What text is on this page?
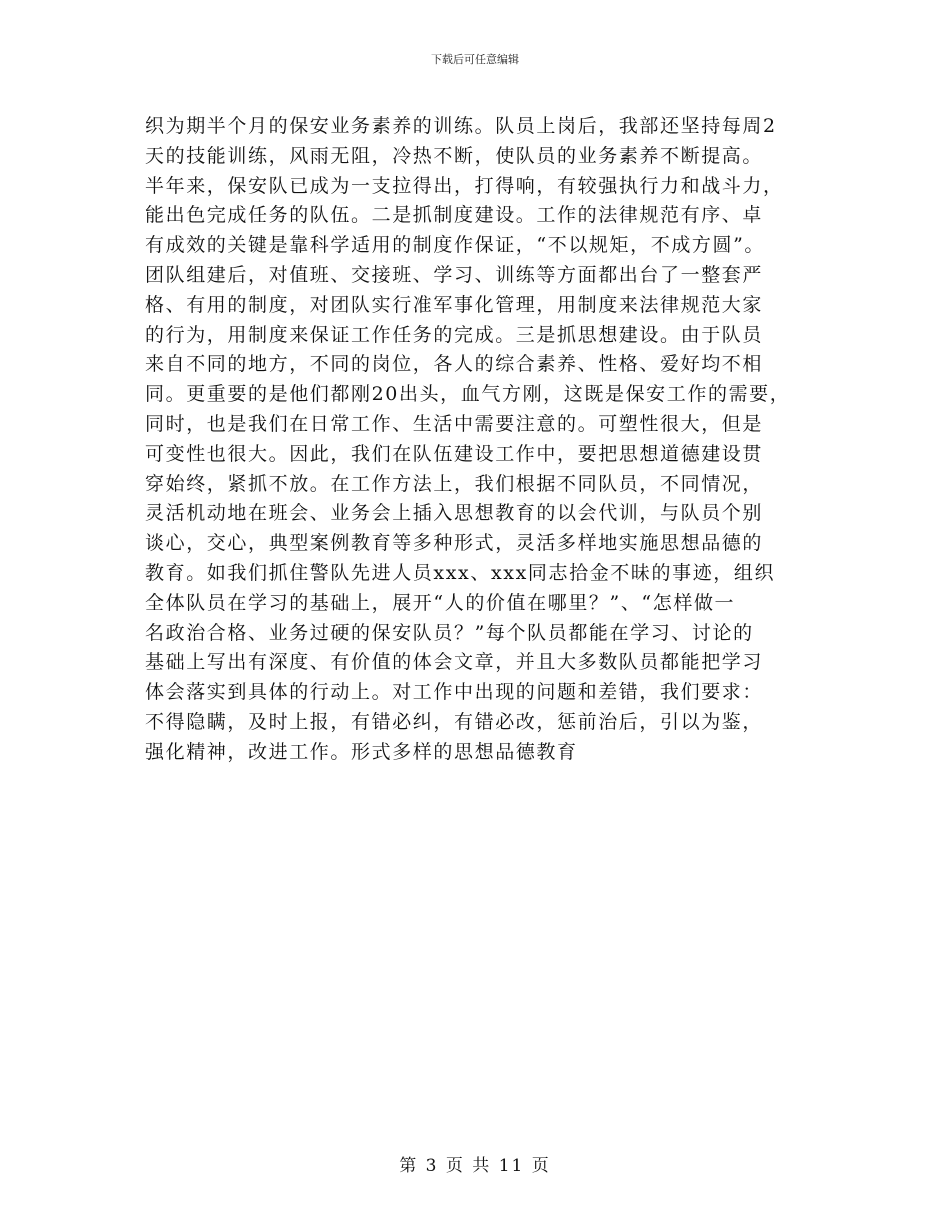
下载后可任意编辑
织为期半个月的保安业务素养的训练。队员上岗后，我部还坚持每周2
天的技能训练，风雨无阻，冷热不断，使队员的业务素养不断提高。
半年来，保安队已成为一支拉得出，打得响，有较强执行力和战斗力，
能出色完成任务的队伍。二是抓制度建设。工作的法律规范有序、卓
有成效的关键是靠科学适用的制度作保证，“不以规矩，不成方圆”。
团队组建后，对值班、交接班、学习、训练等方面都出台了一整套严
格、有用的制度，对团队实行准军事化管理，用制度来法律规范大家
的行为，用制度来保证工作任务的完成。三是抓思想建设。由于队员
来自不同的地方，不同的岗位，各人的综合素养、性格、爱好均不相
同。更重要的是他们都刚20出头，血气方刚，这既是保安工作的需要，
同时，也是我们在日常工作、生活中需要注意的。可塑性很大，但是
可变性也很大。因此，我们在队伍建设工作中，要把思想道德建设贯
穿始终，紧抓不放。在工作方法上，我们根据不同队员，不同情况，
灵活机动地在班会、业务会上插入思想教育的以会代训，与队员个别
谈心，交心，典型案例教育等多种形式，灵活多样地实施思想品德的
教育。如我们抓住警队先进人员xxx、xxx同志拾金不昧的事迹，组织
全体队员在学习的基础上，展开“人的价值在哪里？”、“怎样做一
名政治合格、业务过硬的保安队员？”每个队员都能在学习、讨论的
基础上写出有深度、有价值的体会文章，并且大多数队员都能把学习
体会落实到具体的行动上。对工作中出现的问题和差错，我们要求：
不得隐瞒，及时上报，有错必纠，有错必改，惩前治后，引以为鉴，
强化精神，改进工作。形式多样的思想品德教育
第 3 页 共 11 页
